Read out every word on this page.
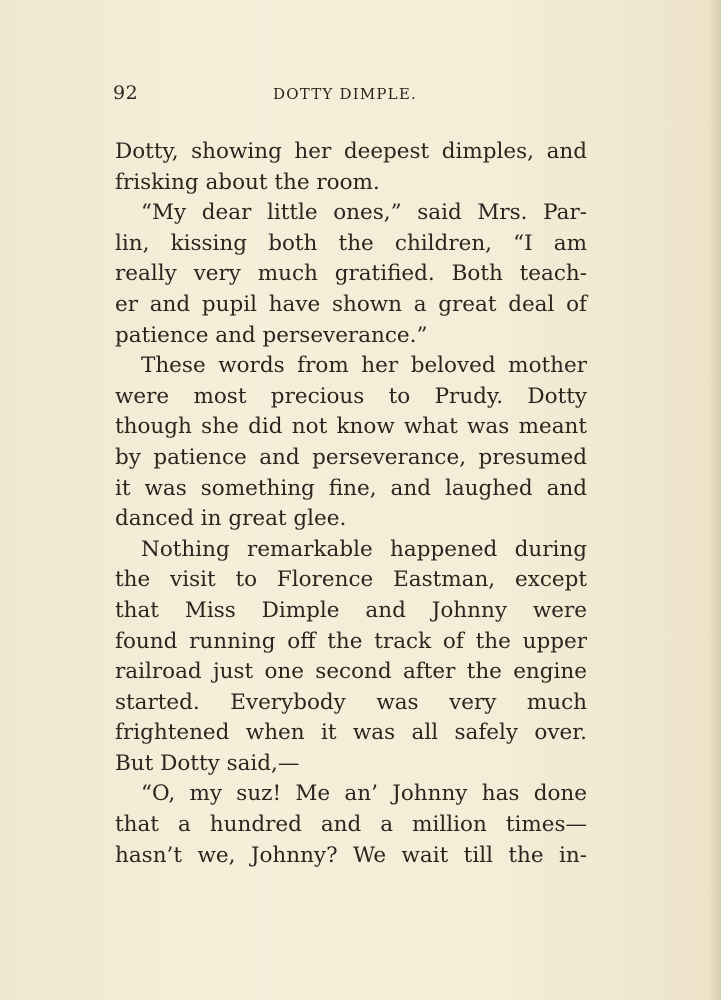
92	DOTTY DIMPLE.
Dotty, showing her deepest dimples, and
frisking about the room.
“My dear little ones,” said Mrs. Par-
lin, kissing both the children, “I am
really very much gratified. Both teach-
er and pupil have shown a great deal of
patience and perseverance.”
These words from her beloved mother
were most precious to Prudy. Dotty
though she did not know what was meant
by patience and perseverance, presumed
it was something fine, and laughed and
danced in great glee.
Nothing remarkable happened during
the visit to Florence Eastman, except
that Miss Dimple and Johnny were
found running off the track of the upper
railroad just one second after the engine
started. Everybody was very much
frightened when it was all safely over.
But Dotty said,—
“O, my suz! Me an’ Johnny has done
that a hundred and a million times—
hasn’t we, Johnny? We wait till the in-
